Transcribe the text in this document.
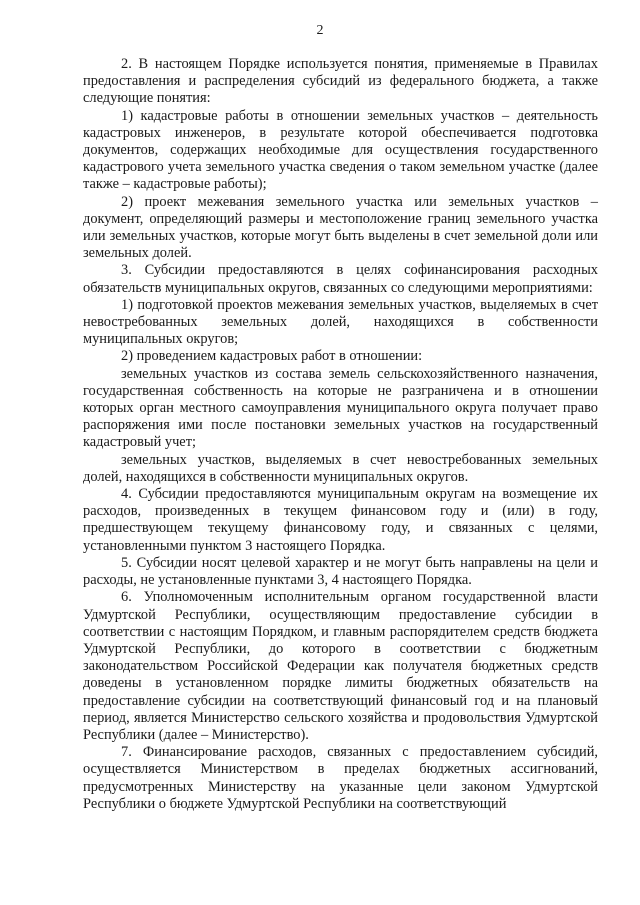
2

2. В настоящем Порядке используется понятия, применяемые в Правилах предоставления и распределения субсидий из федерального бюджета, а также следующие понятия:

1) кадастровые работы в отношении земельных участков – деятельность кадастровых инженеров, в результате которой обеспечивается подготовка документов, содержащих необходимые для осуществления государственного кадастрового учета земельного участка сведения о таком земельном участке (далее также – кадастровые работы);

2) проект межевания земельного участка или земельных участков – документ, определяющий размеры и местоположение границ земельного участка или земельных участков, которые могут быть выделены в счет земельной доли или земельных долей.

3. Субсидии предоставляются в целях софинансирования расходных обязательств муниципальных округов, связанных со следующими мероприятиями:

1) подготовкой проектов межевания земельных участков, выделяемых в счет невостребованных земельных долей, находящихся в собственности муниципальных округов;

2) проведением кадастровых работ в отношении:

земельных участков из состава земель сельскохозяйственного назначения, государственная собственность на которые не разграничена и в отношении которых орган местного самоуправления муниципального округа получает право распоряжения ими после постановки земельных участков на государственный кадастровый учет;

земельных участков, выделяемых в счет невостребованных земельных долей, находящихся в собственности муниципальных округов.

4. Субсидии предоставляются муниципальным округам на возмещение их расходов, произведенных в текущем финансовом году и (или) в году, предшествующем текущему финансовому году, и связанных с целями, установленными пунктом 3 настоящего Порядка.

5. Субсидии носят целевой характер и не могут быть направлены на цели и расходы, не установленные пунктами 3, 4 настоящего Порядка.

6. Уполномоченным исполнительным органом государственной власти Удмуртской Республики, осуществляющим предоставление субсидии в соответствии с настоящим Порядком, и главным распорядителем средств бюджета Удмуртской Республики, до которого в соответствии с бюджетным законодательством Российской Федерации как получателя бюджетных средств доведены в установленном порядке лимиты бюджетных обязательств на предоставление субсидии на соответствующий финансовый год и на плановый период, является Министерство сельского хозяйства и продовольствия Удмуртской Республики (далее – Министерство).

7. Финансирование расходов, связанных с предоставлением субсидий, осуществляется Министерством в пределах бюджетных ассигнований, предусмотренных Министерству на указанные цели законом Удмуртской Республики о бюджете Удмуртской Республики на соответствующий
